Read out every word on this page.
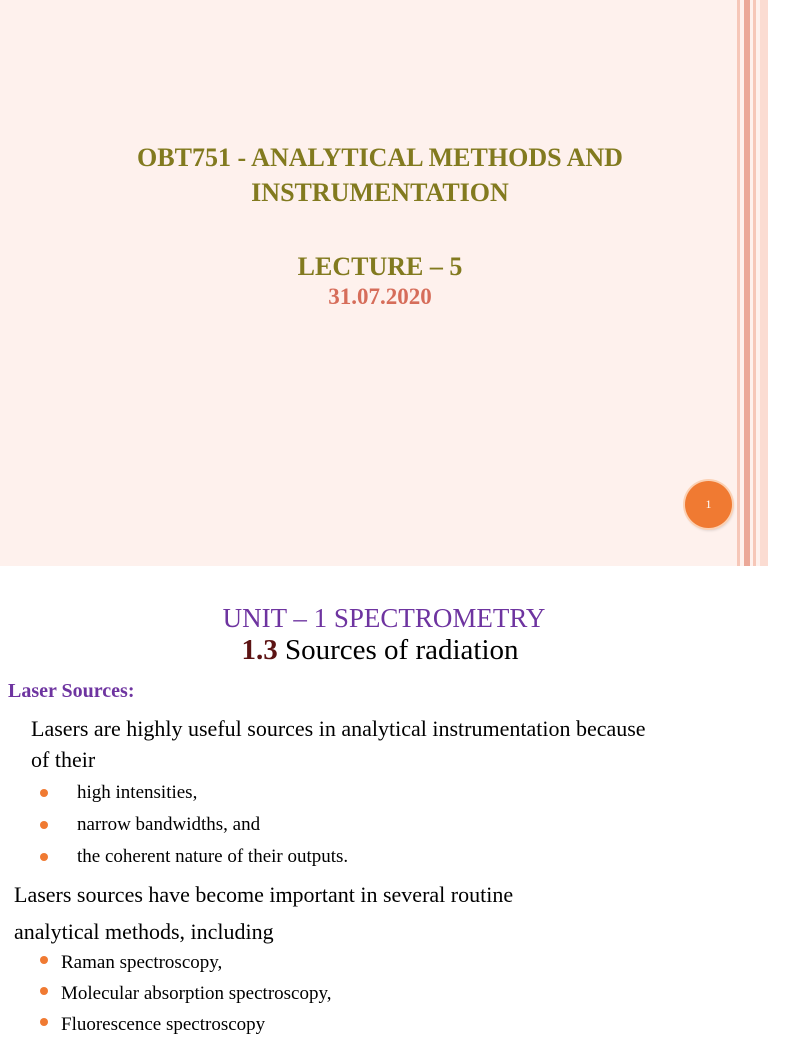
OBT751 - ANALYTICAL METHODS AND
INSTRUMENTATION

LECTURE – 5

31.07.2020

1
UNIT – 1 SPECTROMETRY
1.3 Sources of radiation
Laser Sources:
Lasers are highly useful sources in analytical instrumentation because
of their
high intensities,
narrow bandwidths, and
the coherent nature of their outputs.
Lasers sources have become important in several routine
analytical methods, including
Raman spectroscopy,
Molecular absorption spectroscopy,
Fluorescence spectroscopy
